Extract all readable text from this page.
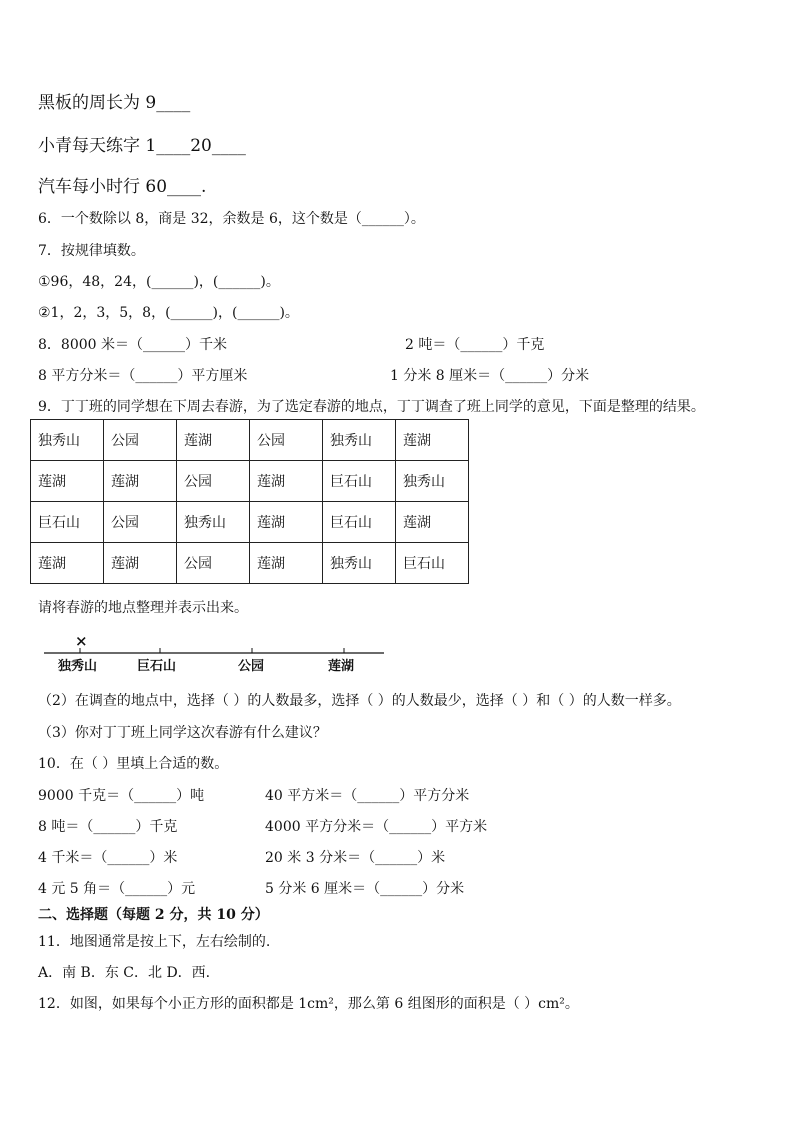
黑板的周长为 9____
小青每天练字 1____20____
汽车每小时行 60____.
6．一个数除以 8，商是 32，余数是 6，这个数是（______）。
7．按规律填数。
①96，48，24，(______)，(______)。
②1，2，3，5，8，(______)，(______)。
8．8000 米＝（______）千米	2 吨＝（______）千克
8 平方分米＝（______）平方厘米	1 分米 8 厘米＝（______）分米
9．丁丁班的同学想在下周去春游，为了选定春游的地点，丁丁调查了班上同学的意见，下面是整理的结果。
独秀山	公园	莲湖	公园	独秀山	莲湖
莲湖	莲湖	公园	莲湖	巨石山	独秀山
巨石山	公园	独秀山	莲湖	巨石山	莲湖
莲湖	莲湖	公园	莲湖	独秀山	巨石山
请将春游的地点整理并表示出来。
×
独秀山	巨石山	公园	莲湖
（2）在调查的地点中，选择（ ）的人数最多，选择（ ）的人数最少，选择（ ）和（ ）的人数一样多。
（3）你对丁丁班上同学这次春游有什么建议？
10．在（ ）里填上合适的数。
9000 千克＝（______）吨	40 平方米＝（______）平方分米
8 吨＝（______）千克	4000 平方分米＝（______）平方米
4 千米＝（______）米	20 米 3 分米＝（______）米
4 元 5 角＝（______）元	5 分米 6 厘米＝（______）分米
二、选择题（每题 2 分，共 10 分）
11．地图通常是按上下，左右绘制的.
A．南 B．东 C．北 D．西.
12．如图，如果每个小正方形的面积都是 1cm²，那么第 6 组图形的面积是（ ）cm²。
